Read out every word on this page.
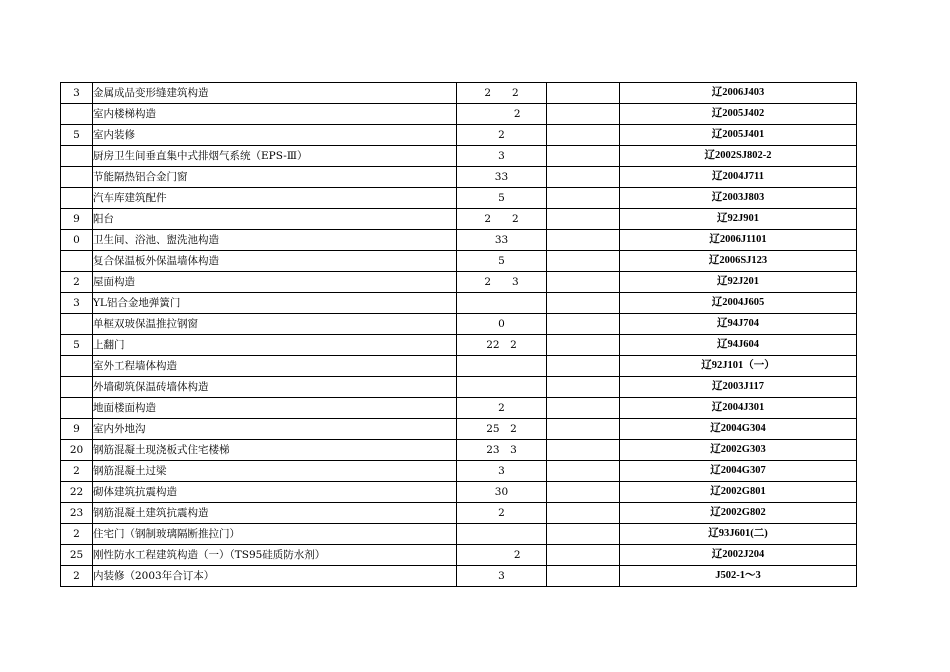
3	金属成品变形缝建筑构造	2　　2		辽2006J403
	室内楼梯构造	　　　2		辽2005J402
5	室内装修	2　　　		辽2005J401
	厨房卫生间垂直集中式排烟气系统（EPS-Ⅲ）	3		辽2002SJ802-2
	节能隔热铝合金门窗	33　　		辽2004J711
	汽车库建筑配件	5		辽2003J803
9	阳台	2　　2		辽92J901
0	卫生间、浴池、盥洗池构造	33		辽2006J1101
	复合保温板外保温墙体构造	5		辽2006SJ123
2	屋面构造	2　　3		辽92J201
3	YL铝合金地弹簧门			辽2004J605
	单框双玻保温推拉钢窗	0		辽94J704
5	上翻门	22　2		辽94J604
	室外工程墙体构造			辽92J101（一）
	外墙砌筑保温砖墙体构造			辽2003J117
	地面楼面构造	2		辽2004J301
9	室内外地沟	25　2		辽2004G304
20	钢筋混凝土现浇板式住宅楼梯	23　3		辽2002G303
2	钢筋混凝土过梁	3		辽2004G307
22	砌体建筑抗震构造	30　　		辽2002G801
23	钢筋混凝土建筑抗震构造	2　　　		辽2002G802
2	住宅门（钢制玻璃隔断推拉门）			辽93J601(二)
25	刚性防水工程建筑构造（一）（TS95硅质防水剂）	　　　2		辽2002J204
2	内装修（2003年合订本）	3		J502-1～3
